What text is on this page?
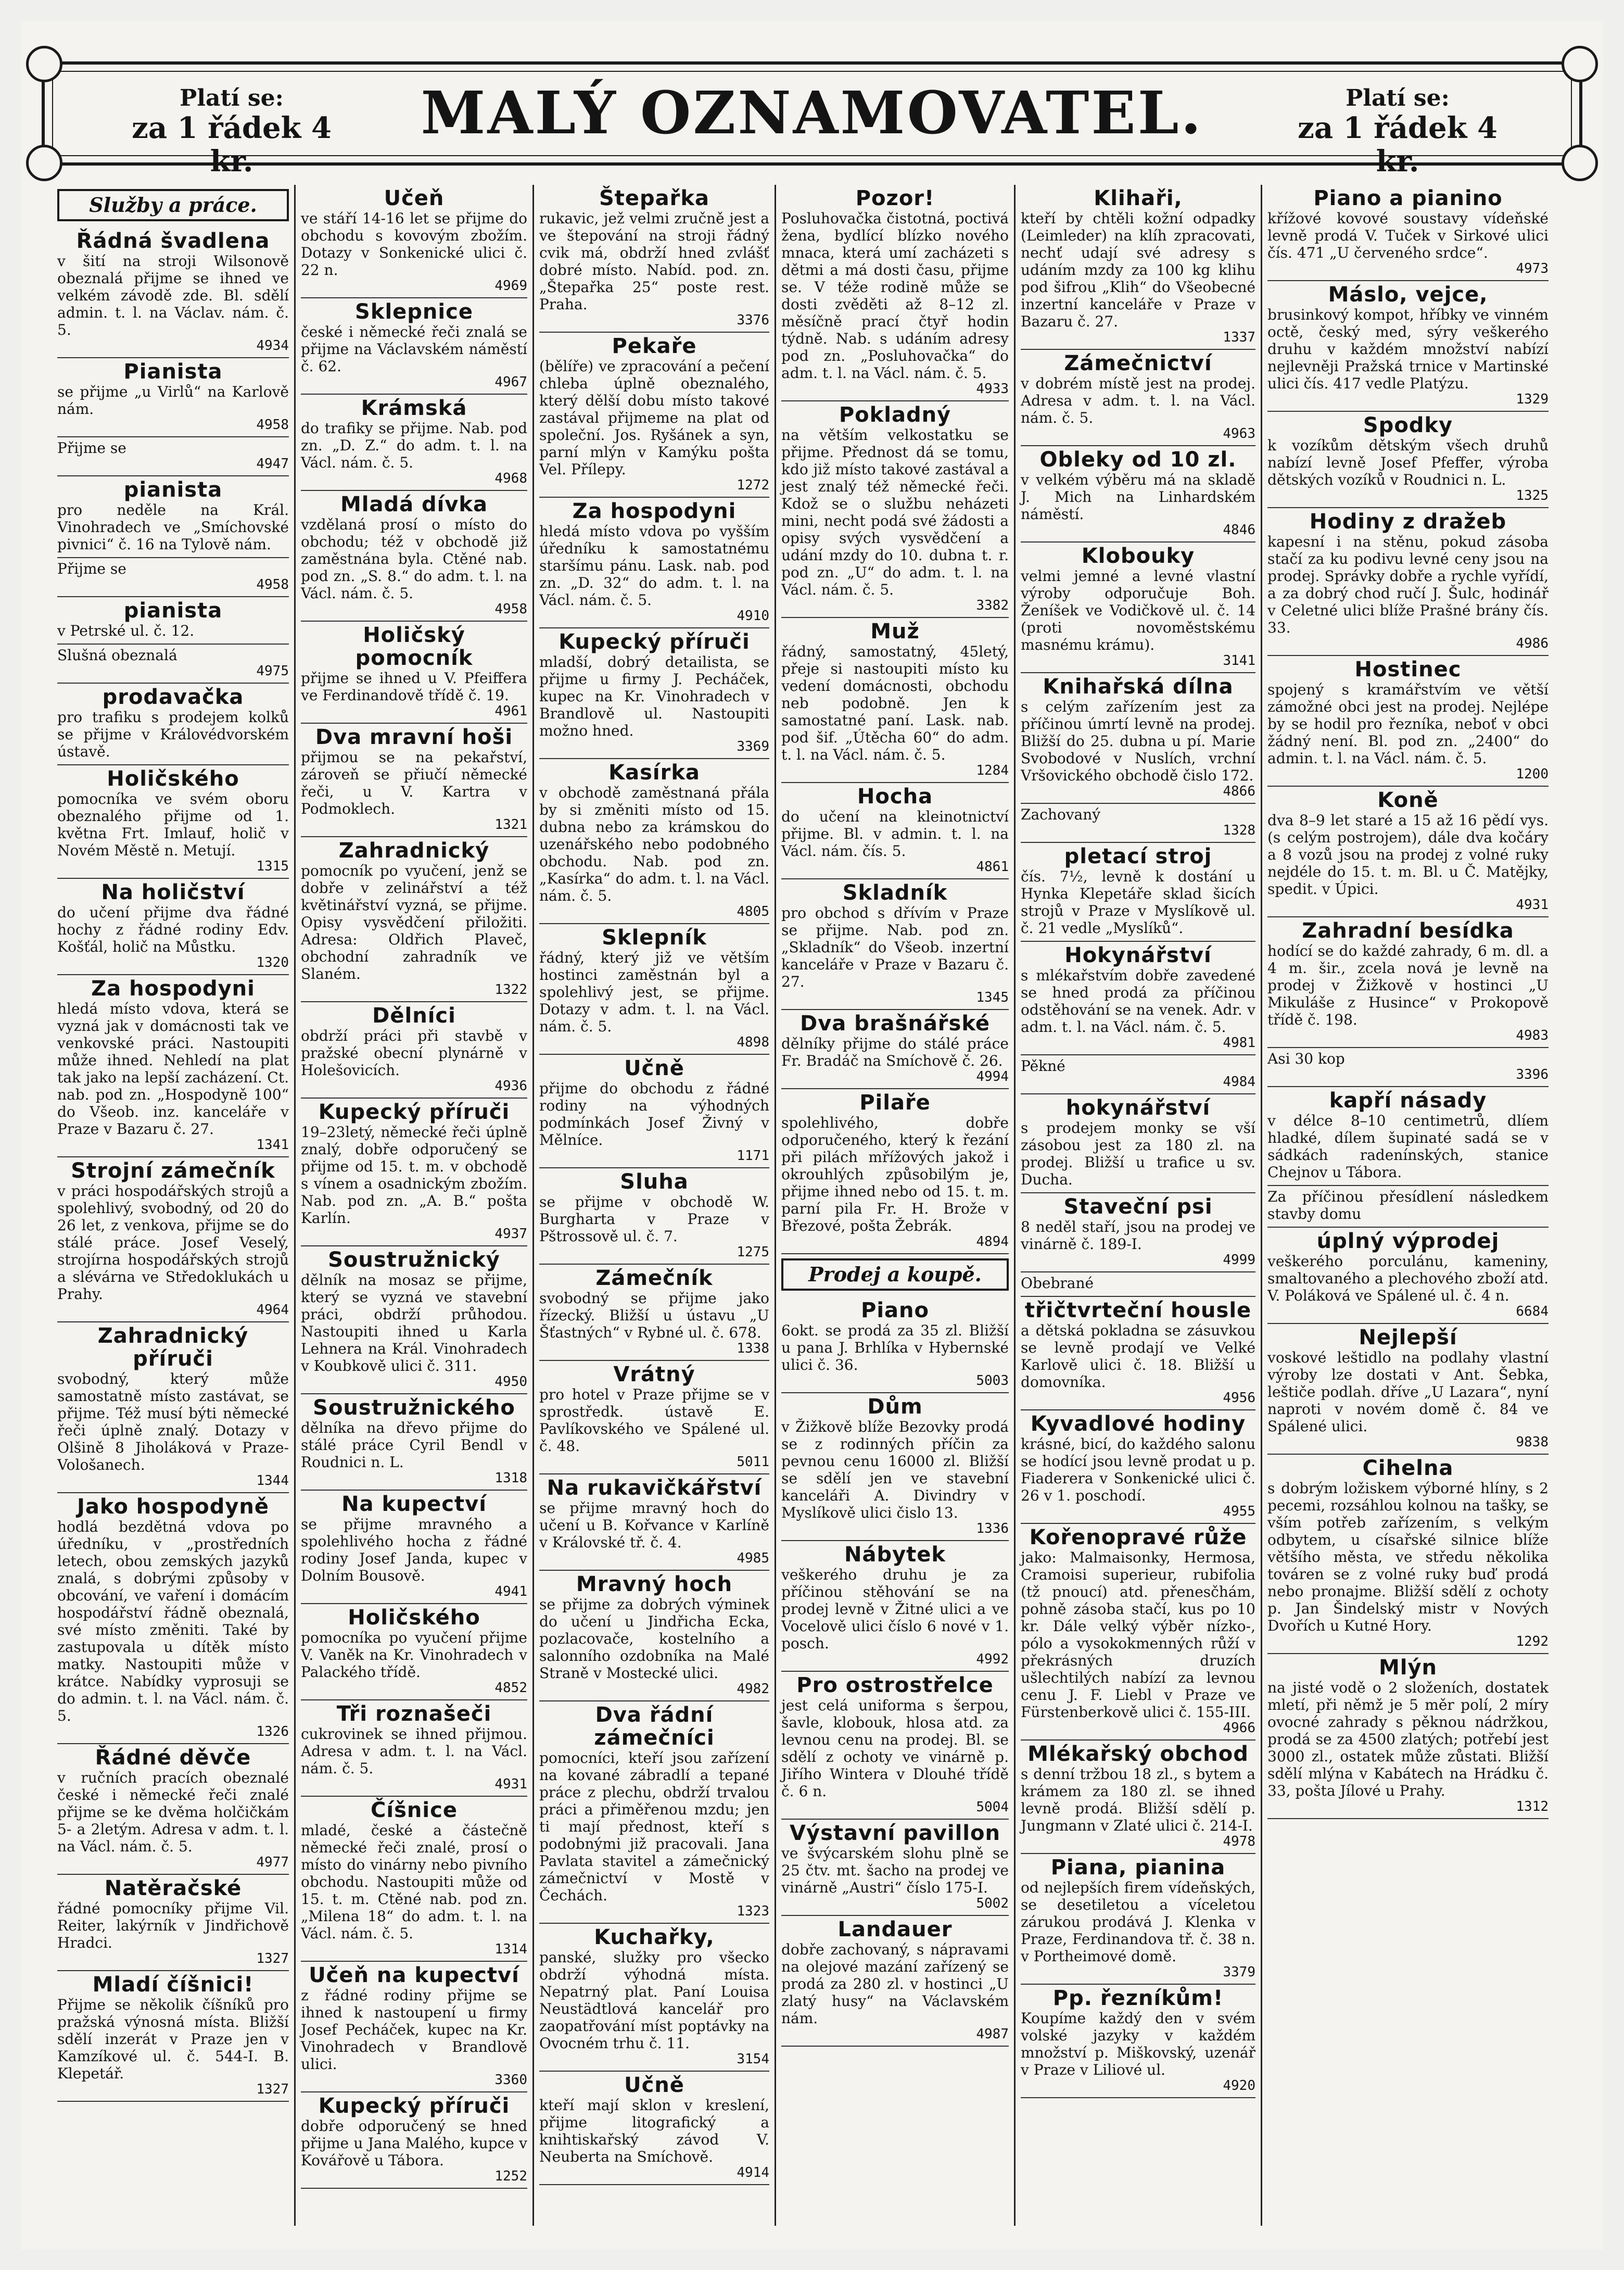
Platí se:
za 1 řádek 4 kr.
MALÝ OZNAMOVATEL.	Platí se:
za 1 řádek 4 kr.
Služby a práce.
Řádná švadlena

v šití na stroji Wilsonově obeznalá přijme se ihned ve velkém závodě zde. Bl. sdělí admin. t. l. na Václav. nám. č. 5.

4934
Pianista

se přijme „u Virlů“ na Karlově nám.

4958

Přijme se

4947
pianista

pro neděle na Král. Vinohradech ve „Smíchovské pivnici“ č. 16 na Tylově nám.

Přijme se

4958
pianista

v Petrské ul. č. 12.

Slušná obeznalá

4975
prodavačka

pro trafiku s prodejem kolků se přijme v Královédvorském ústavě.

Holičského

pomocníka ve svém oboru obeznalého přijme od 1. května Frt. Imlauf, holič v Novém Městě n. Metují.

1315
Na holičství

do učení přijme dva řádné hochy z řádné rodiny Edv. Košťál, holič na Můstku.

1320
Za hospodyni

hledá místo vdova, která se vyzná jak v domácnosti tak ve venkovské práci. Nastoupiti může ihned. Nehledí na plat tak jako na lepší zacházení. Ct. nab. pod zn. „Hospodyně 100“ do Všeob. inz. kanceláře v Praze v Bazaru č. 27.

1341
Strojní zámečník

v práci hospodářských strojů a spolehlivý, svobodný, od 20 do 26 let, z venkova, přijme se do stálé práce. Josef Veselý, strojírna hospodářských strojů a slévárna ve Středoklukách u Prahy.

4964
Zahradnický příruči

svobodný, který může samostatně místo zastávat, se přijme. Též musí býti německé řeči úplně znalý. Dotazy v Olšině 8 Jiholáková v Praze-Vološanech.

1344
Jako hospodyně

hodlá bezdětná vdova po úředníku, v „prostředních letech, obou zemských jazyků znalá, s dobrými způsoby v obcování, ve vaření i domácím hospodářství řádně obeznalá, své místo změniti. Také by zastupovala u dítěk místo matky. Nastoupiti může v krátce. Nabídky vyprosuji se do admin. t. l. na Václ. nám. č. 5.

1326
Řádné děvče

v ručních pracích obeznalé české i německé řeči znalé přijme se ke dvěma holčičkám 5- a 2letým. Adresa v adm. t. l. na Václ. nám. č. 5.

4977
Natěračské

řádné pomocníky přijme Vil. Reiter, lakýrník v Jindřichově Hradci.

1327
Mladí číšnici!

Přijme se několik číšníků pro pražská výnosná místa. Bližší sdělí inzerát v Praze jen v Kamzíkové ul. č. 544-I. B. Klepetář.

1327
Učeň

ve stáří 14-16 let se přijme do obchodu s kovovým zbožím. Dotazy v Sonkenické ulici č. 22 n.

4969
Sklepnice

české i německé řeči znalá se přijme na Václavském náměstí č. 62.

4967
Krámská

do trafiky se přijme. Nab. pod zn. „D. Z.“ do adm. t. l. na Václ. nám. č. 5.

4968
Mladá dívka

vzdělaná prosí o místo do obchodu; též v obchodě již zaměstnána byla. Ctěné nab. pod zn. „S. 8.“ do adm. t. l. na Václ. nám. č. 5.

4958
Holičský pomocník

přijme se ihned u V. Pfeiffera ve Ferdinandově třídě č. 19.

4961
Dva mravní hoši

přijmou se na pekařství, zároveň se přiučí německé řeči, u V. Kartra v Podmoklech.

1321
Zahradnický

pomocník po vyučení, jenž se dobře v zelinářství a též květinářství vyzná, se přijme. Opisy vysvědčení přiložiti. Adresa: Oldřich Plaveč, obchodní zahradník ve Slaném.

1322
Dělníci

obdrží práci při stavbě v pražské obecní plynárně v Holešovicích.

4936
Kupecký příruči

19–23letý, německé řeči úplně znalý, dobře odporučený se přijme od 15. t. m. v obchodě s vínem a osadnickým zbožím. Nab. pod zn. „A. B.“ pošta Karlín.

4937
Soustružnický

dělník na mosaz se přijme, který se vyzná ve stavební práci, obdrží průhodou. Nastoupiti ihned u Karla Lehnera na Král. Vinohradech v Koubkově ulici č. 311.

4950
Soustružnického

dělníka na dřevo přijme do stálé práce Cyril Bendl v Roudnici n. L.

1318
Na kupectví

se přijme mravného a spolehlivého hocha z řádné rodiny Josef Janda, kupec v Dolním Bousově.

4941
Holičského

pomocníka po vyučení přijme V. Vaněk na Kr. Vinohradech v Palackého třídě.

4852
Tři roznašeči

cukrovinek se ihned přijmou. Adresa v adm. t. l. na Václ. nám. č. 5.

4931
Číšnice

mladé, české a částečně německé řeči znalé, prosí o místo do vinárny nebo pivního obchodu. Nastoupiti může od 15. t. m. Ctěné nab. pod zn. „Milena 18“ do adm. t. l. na Václ. nám. č. 5.

1314
Učeň na kupectví

z řádné rodiny přijme se ihned k nastoupení u firmy Josef Pecháček, kupec na Kr. Vinohradech v Brandlově ulici.

3360
Kupecký příruči

dobře odporučený se hned přijme u Jana Malého, kupce v Kovářově u Tábora.

1252
Štepařka

rukavic, jež velmi zručně jest a ve štepování na stroji řádný cvik má, obdrží hned zvlášť dobré místo. Nabíd. pod. zn. „Štepařka 25“ poste rest. Praha.

3376
Pekaře

(bělíře) ve zpracování a pečení chleba úplně obeznalého, který dělší dobu místo takové zastával přijmeme na plat od společní. Jos. Ryšánek a syn, parní mlýn v Kamýku pošta Vel. Přílepy.

1272
Za hospodyni

hledá místo vdova po vyšším úředníku k samostatnému staršímu pánu. Lask. nab. pod zn. „D. 32“ do adm. t. l. na Václ. nám. č. 5.

4910
Kupecký příruči

mladší, dobrý detailista, se přijme u firmy J. Pecháček, kupec na Kr. Vinohradech v Brandlově ul. Nastoupiti možno hned.

3369
Kasírka

v obchodě zaměstnaná přála by si změniti místo od 15. dubna nebo za krámskou do uzenářského nebo podobného obchodu. Nab. pod zn. „Kasírka“ do adm. t. l. na Václ. nám. č. 5.

4805
Sklepník

řádný, který již ve větším hostinci zaměstnán byl a spolehlivý jest, se přijme. Dotazy v adm. t. l. na Václ. nám. č. 5.

4898
Učně

přijme do obchodu z řádné rodiny na výhodných podmínkách Josef Živný v Mělníce.

1171
Sluha

se přijme v obchodě W. Burgharta v Praze v Pštrossově ul. č. 7.

1275
Zámečník

svobodný se přijme jako řízecký. Bližší u ústavu „U Šťastných“ v Rybné ul. č. 678.

1338
Vrátný

pro hotel v Praze přijme se v sprostředk. ústavě E. Pavlíkovského ve Spálené ul. č. 48.

5011
Na rukavičkářství

se přijme mravný hoch do učení u B. Kořvance v Karlíně v Královské tř. č. 4.

4985
Mravný hoch

se přijme za dobrých výminek do učení u Jindřicha Ecka, pozlacovače, kostelního a salonního ozdobníka na Malé Straně v Mostecké ulici.

4982
Dva řádní zámečníci

pomocníci, kteří jsou zařízení na kované zábradlí a tepané práce z plechu, obdrží trvalou práci a přiměřenou mzdu; jen ti mají přednost, kteří s podobnými již pracovali. Jana Pavlata stavitel a zámečnický zámečnictví v Mostě v Čechách.

1323
Kuchařky,

panské, služky pro všecko obdrží výhodná místa. Nepatrný plat. Paní Louisa Neustädtlová kancelář pro zaopatřování míst poptávky na Ovocném trhu č. 11.

3154
Učně

kteří mají sklon v kreslení, přijme litografický a knihtiskařský závod V. Neuberta na Smíchově.

4914
Pozor!

Posluhovačka čistotná, poctivá žena, bydlící blízko nového mnaca, která umí zacházeti s dětmi a má dosti času, přijme se. V téže rodině může se dosti zvěděti až 8–12 zl. měsíčně prací čtyř hodin týdně. Nab. s udáním adresy pod zn. „Posluhovačka“ do adm. t. l. na Václ. nám. č. 5.

4933
Pokladný

na větším velkostatku se přijme. Přednost dá se tomu, kdo již místo takové zastával a jest znalý též německé řeči. Kdož se o službu neházeti mini, necht podá své žádosti a opisy svých vysvědčení a udání mzdy do 10. dubna t. r. pod zn. „U“ do adm. t. l. na Václ. nám. č. 5.

3382
Muž

řádný, samostatný, 45letý, přeje si nastoupiti místo ku vedení domácnosti, obchodu neb podobně. Jen k samostatné paní. Lask. nab. pod šif. „Útěcha 60“ do adm. t. l. na Václ. nám. č. 5.

1284
Hocha

do učení na kleinotnictví přijme. Bl. v admin. t. l. na Václ. nám. čís. 5.

4861
Skladník

pro obchod s dřívím v Praze se přijme. Nab. pod zn. „Skladník“ do Všeob. inzertní kanceláře v Praze v Bazaru č. 27.

1345
Dva brašnářské

dělníky přijme do stálé práce Fr. Bradáč na Smíchově č. 26.

4994
Pilaře

spolehlivého, dobře odporučeného, který k řezání při pilách mřížových jakož i okrouhlých způsobilým je, přijme ihned nebo od 15. t. m. parní pila Fr. H. Brože v Březové, pošta Žebrák.

4894
Prodej a koupě.
Piano

6okt. se prodá za 35 zl. Bližší u pana J. Brhlíka v Hybernské ulici č. 36.

5003
Dům

v Žižkově blíže Bezovky prodá se z rodinných příčin za pevnou cenu 16000 zl. Bližší se sdělí jen ve stavební kanceláři A. Divindry v Myslíkově ulici čislo 13.

1336
Nábytek

veškerého druhu je za příčinou stěhování se na prodej levně v Žitné ulici a ve Vocelově ulici číslo 6 nové v 1. posch.

4992
Pro ostrostřelce

jest celá uniforma s šerpou, šavle, klobouk, hlosa atd. za levnou cenu na prodej. Bl. se sdělí z ochoty ve vinárně p. Jiřího Wintera v Dlouhé třídě č. 6 n.

5004
Výstavní pavillon

ve švýcarském slohu plně se 25 čtv. mt. šacho na prodej ve vinárně „Austri“ číslo 175-I.

5002
Landauer

dobře zachovaný, s nápravami na olejové mazání zařízený se prodá za 280 zl. v hostinci „U zlatý husy“ na Václavském nám.

4987
Klihaři,

kteří by chtěli kožní odpadky (Leimleder) na klíh zpracovati, nechť udají své adresy s udáním mzdy za 100 kg klihu pod šifrou „Klih“ do Všeobecné inzertní kanceláře v Praze v Bazaru č. 27.

1337
Zámečnictví

v dobrém místě jest na prodej. Adresa v adm. t. l. na Václ. nám. č. 5.

4963
Obleky od 10 zl.

v velkém výběru má na skladě J. Mich na Linhardském náměstí.

4846
Klobouky

velmi jemné a levné vlastní výroby odporučuje Boh. Ženíšek ve Vodičkově ul. č. 14 (proti novoměstskému masnému krámu).

3141
Knihařská dílna

s celým zařízením jest za příčinou úmrtí levně na prodej. Bližší do 25. dubna u pí. Marie Svobodové v Nuslích, vrchní Vršovického obchodě čislo 172.

4866

Zachovaný

1328
pletací stroj

čís. 7½, levně k dostání u Hynka Klepetáře sklad šicích strojů v Praze v Myslíkově ul. č. 21 vedle „Myslíků“.

Hokynářství

s mlékařstvím dobře zavedené se hned prodá za příčinou odstěhování se na venek. Adr. v adm. t. l. na Václ. nám. č. 5.

4981

Pěkné

4984
hokynářství

s prodejem monky se vší zásobou jest za 180 zl. na prodej. Bližší u trafice u sv. Ducha.

Staveční psi

8 neděl staří, jsou na prodej ve vinárně č. 189-I.

4999

Obebrané

třičtvrteční housle

a dětská pokladna se zásuvkou se levně prodají ve Velké Karlově ulici č. 18. Bližší u domovníka.

4956
Kyvadlové hodiny

krásné, bicí, do každého salonu se hodící jsou levně prodat u p. Fiaderera v Sonkenické ulici č. 26 v 1. poschodí.

4955
Kořenopravé růže

jako: Malmaisonky, Hermosa, Cramoisi superieur, rubifolia (tž pnoucí) atd. přenesčhám, pohně zásoba stačí, kus po 10 kr. Dále velký výběr nízko-, pólo a vysokokmenných růží v překrásných druzích ušlechtilých nabízí za levnou cenu J. F. Liebl v Praze ve Fürstenberkově ulici č. 155-III.

4966
Mlékařský obchod

s denní tržbou 18 zl., s bytem a krámem za 180 zl. se ihned levně prodá. Bližší sdělí p. Jungmann v Zlaté ulici č. 214-I.

4978
Piana, pianina

od nejlepších firem vídeňských, se desetiletou a víceletou zárukou prodává J. Klenka v Praze, Ferdinandova tř. č. 38 n. v Portheimové domě.

3379
Pp. řezníkům!

Koupíme každý den v svém volské jazyky v každém množství p. Miškovský, uzenář v Praze v Liliové ul.

4920
Piano a pianino

křížové kovové soustavy vídeňské levně prodá V. Tuček v Sirkové ulici čís. 471 „U červeného srdce“.

4973
Máslo, vejce,

brusinkový kompot, hříbky ve vinném octě, český med, sýry veškerého druhu v každém množství nabízí nejlevněji Pražská trnice v Martinské ulici čís. 417 vedle Platýzu.

1329
Spodky

k vozíkům dětským všech druhů nabízí levně Josef Pfeffer, výroba dětských vozíků v Roudnici n. L.

1325
Hodiny z dražeb

kapesní i na stěnu, pokud zásoba stačí za ku podivu levné ceny jsou na prodej. Správky dobře a rychle vyřídí, a za dobrý chod ručí J. Šulc, hodinář v Celetné ulici blíže Prašné brány čís. 33.

4986
Hostinec

spojený s kramářstvím ve větší zámožné obci jest na prodej. Nejlépe by se hodil pro řezníka, neboť v obci žádný není. Bl. pod zn. „2400“ do admin. t. l. na Václ. nám. č. 5.

1200
Koně

dva 8–9 let staré a 15 až 16 pědí vys. (s celým postrojem), dále dva kočáry a 8 vozů jsou na prodej z volné ruky nejdéle do 15. t. m. Bl. u Č. Matějky, spedit. v Úpici.

4931
Zahradní besídka

hodící se do každé zahrady, 6 m. dl. a 4 m. šir., zcela nová je levně na prodej v Žižkově v hostinci „U Mikuláše z Husince“ v Prokopově třídě č. 198.

4983

Asi 30 kop

3396
kapří násady

v délce 8–10 centimetrů, dlíem hladké, dílem šupinaté sadá se v sádkách radenínských, stanice Chejnov u Tábora.

Za příčinou přesídlení následkem stavby domu

úplný výprodej

veškerého porculánu, kameniny, smaltovaného a plechového zboží atd. V. Poláková ve Spálené ul. č. 4 n.

6684
Nejlepší

voskové leštidlo na podlahy vlastní výroby lze dostati v Ant. Šebka, leštiče podlah. dříve „U Lazara“, nyní naproti v novém domě č. 84 ve Spálené ulici.

9838
Cihelna

s dobrým ložiskem výborné hlíny, s 2 pecemi, rozsáhlou kolnou na tašky, se vším potřeb zařízením, s velkým odbytem, u císařské silnice blíže většího města, ve středu několika továren se z volné ruky buď prodá nebo pronajme. Bližší sdělí z ochoty p. Jan Šindelský mistr v Nových Dvořích u Kutné Hory.

1292
Mlýn

na jisté vodě o 2 složeních, dostatek mletí, při němž je 5 měr polí, 2 míry ovocné zahrady s pěknou nádržkou, prodá se za 4500 zlatých; potřebí jest 3000 zl., ostatek může zůstati. Bližší sdělí mlýna v Kabátech na Hrádku č. 33, pošta Jílové u Prahy.

1312
